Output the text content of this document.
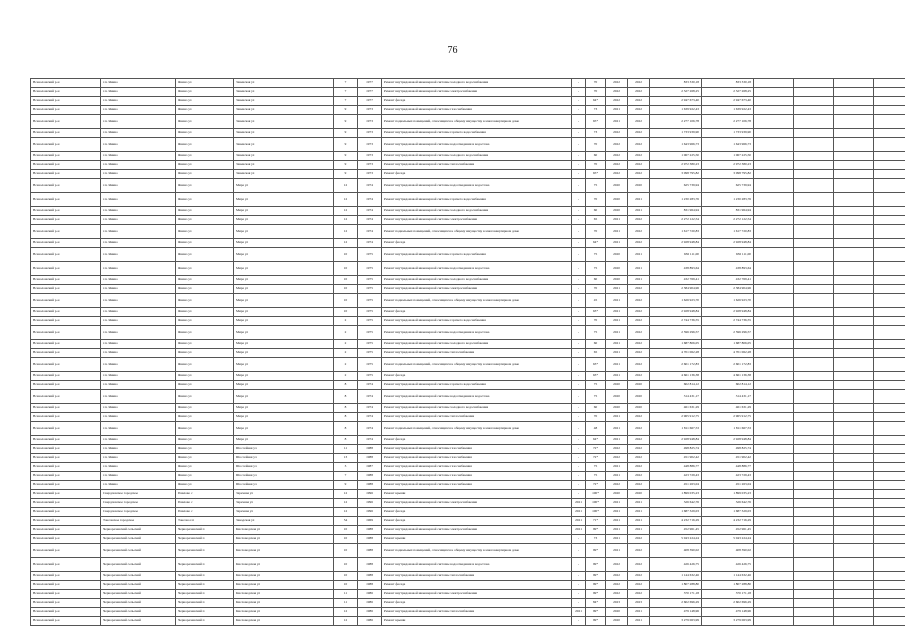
76
Всеволожский р-н	г.п. Янино	Янино ул	Заневская ул	7	1977	Ремонт внутридомовой инженерной системы холодного водоснабжения	-	70	2022	2022	833 330,18	833 330,18				
Всеволожский р-н	г.п. Янино	Янино ул	Заневская ул	7	1977	Ремонт внутридомовой инженерной системы электроснабжения	-	70	2022	2022	2 327 268,25	2 327 268,25				
Всеволожский р-н	г.п. Янино	Янино ул	Заневская ул	7	1977	Ремонт фасада	-	64*	2022	2022	2 947 673,40	2 947 673,40				
Всеволожский р-н	г.п. Янино	Янино ул	Заневская ул	9	1973	Ремонт внутридомовой инженерной системы газоснабжения	-	73	2021	2022	1 639 922,43	1 639 922,43				
Всеволожский р-н	г.п. Янино	Янино ул	Заневская ул	9	1973	Ремонт подвальных помещений, относящихся к общему имуществу в многоквартирном доме	-	65*	2021	2022	2 277 106,78	2 277 106,78				
Всеволожский р-н	г.п. Янино	Янино ул	Заневская ул	9	1973	Ремонт внутридомовой инженерной системы горячего водоснабжения	-	73	2022	2022	1 733 939,90	1 733 939,90				
Всеволожский р-н	г.п. Янино	Янино ул	Заневская ул	9	1973	Ремонт внутридомовой инженерной системы водоотведения и водостока	-	70	2022	2022	1 643 966,73	1 643 966,73				
Всеволожский р-н	г.п. Янино	Янино ул	Заневская ул	9	1973	Ремонт внутридомовой инженерной системы холодного водоснабжения	-	60	2022	2022	1 067 225,50	1 067 225,50				
Всеволожский р-н	г.п. Янино	Янино ул	Заневская ул	9	1973	Ремонт внутридомовой инженерной системы теплоснабжения	-	70	2022	2022	2 972 380,23	2 972 380,23				
Всеволожский р-н	г.п. Янино	Янино ул	Заневская ул	9	1973	Ремонт фасада	-	65*	2022	2022	3 098 795,82	3 098 795,82				
Всеволожский р-н	г.п. Янино	Янино ул	Мира ул	12	1974	Ремонт внутридомовой инженерной системы водоотведения и водостока	-	75	2020	2020	625 739,94	625 739,94				
Всеволожский р-н	г.п. Янино	Янино ул	Мира ул	12	1974	Ремонт внутридомовой инженерной системы горячего водоснабжения	-	70	2020	2021	1 230 283,76	1 230 283,76				
Всеволожский р-н	г.п. Янино	Янино ул	Мира ул	12	1974	Ремонт внутридомовой инженерной системы холодного водоснабжения	-	60	2020	2021	831 964,94	831 964,94				
Всеволожский р-н	г.п. Янино	Янино ул	Мира ул	12	1974	Ремонт внутридомовой инженерной системы электроснабжения	-	65	2021	2022	2 272 122,54	2 272 122,54				
Всеволожский р-н	г.п. Янино	Янино ул	Мира ул	12	1974	Ремонт подвальных помещений, относящихся к общему имуществу в многоквартирном доме	-	70	2021	2022	1 617 720,83	1 617 720,83				
Всеволожский р-н	г.п. Янино	Янино ул	Мира ул	12	1974	Ремонт фасада	-	64*	2021	2022	2 928 948,84	2 928 948,84				
Всеволожский р-н	г.п. Янино	Янино ул	Мира ул	10	1975	Ремонт внутридомовой инженерной системы горячего водоснабжения	-	75	2020	2021	636 111,00	636 111,00				
Всеволожский р-н	г.п. Янино	Янино ул	Мира ул	10	1975	Ремонт внутридомовой инженерной системы водоотведения и водостока	-	75	2020	2021	438 893,64	438 893,64				
Всеволожский р-н	г.п. Янино	Янино ул	Мира ул	10	1975	Ремонт внутридомовой инженерной системы холодного водоснабжения	-	60	2020	2021	432 769,41	432 769,41				
Всеволожский р-н	г.п. Янино	Янино ул	Мира ул	10	1975	Ремонт внутридомовой инженерной системы электроснабжения	-	70	2021	2022	2 384 904,96	2 384 904,96				
Всеволожский р-н	г.п. Янино	Янино ул	Мира ул	10	1975	Ремонт подвальных помещений, относящихся к общему имуществу в многоквартирном доме	-	45	2021	2022	1 626 923,70	1 626 923,70				
Всеволожский р-н	г.п. Янино	Янино ул	Мира ул	10	1975	Ремонт фасада	-	63*	2021	2022	2 928 948,84	2 928 948,84				
Всеволожский р-н	г.п. Янино	Янино ул	Мира ул	2	1975	Ремонт внутридомовой инженерной системы горячего водоснабжения	-	70	2021	2022	2 744 736,55	2 744 736,55				
Всеволожский р-н	г.п. Янино	Янино ул	Мира ул	2	1975	Ремонт внутридомовой инженерной системы водоотведения и водостока	-	75	2021	2022	2 596 296,57	2 596 296,57				
Всеволожский р-н	г.п. Янино	Янино ул	Мира ул	2	1975	Ремонт внутридомовой инженерной системы холодного водоснабжения	-	60	2021	2022	1 687 806,05	1 687 806,05				
Всеволожский р-н	г.п. Янино	Янино ул	Мира ул	2	1975	Ремонт внутридомовой инженерной системы теплоснабжения	-	65	2021	2022	4 701 062,28	4 701 062,28				
Всеволожский р-н	г.п. Янино	Янино ул	Мира ул	2	1975	Ремонт подвальных помещений, относящихся к общему имуществу в многоквартирном доме	-	63*	2021	2022	2 601 172,83	2 601 172,83				
Всеволожский р-н	г.п. Янино	Янино ул	Мира ул	2	1975	Ремонт фасада	-	63*	2021	2022	4 661 136,38	4 661 136,38				
Всеволожский р-н	г.п. Янино	Янино ул	Мира ул	8	1974	Ремонт внутридомовой инженерной системы горячего водоснабжения	-	75	2020	2020	602 814,12	602 814,12				
Всеволожский р-н	г.п. Янино	Янино ул	Мира ул	8	1974	Ремонт внутридомовой инженерной системы водоотведения и водостока	-	75	2020	2020	314 431,17	314 431,17				
Всеволожский р-н	г.п. Янино	Янино ул	Мира ул	8	1974	Ремонт внутридомовой инженерной системы холодного водоснабжения	-	60	2020	2020	461 631,29	461 631,29				
Всеволожский р-н	г.п. Янино	Янино ул	Мира ул	8	1974	Ремонт внутридомовой инженерной системы теплоснабжения	-	70	2021	2022	2 965 912,75	2 965 912,75				
Всеволожский р-н	г.п. Янино	Янино ул	Мира ул	8	1974	Ремонт подвальных помещений, относящихся к общему имуществу в многоквартирном доме	-	48	2021	2022	1 811 667,53	1 811 667,53				
Всеволожский р-н	г.п. Янино	Янино ул	Мира ул	8	1974	Ремонт фасада	-	64*	2021	2022	2 928 948,84	2 928 948,84				
Всеволожский р-н	г.п. Янино	Янино ул	Шоссейная ул	11	1988	Ремонт внутридомовой инженерной системы газоснабжения	-	72*	2022	2022	498 825,74	498 825,74				
Всеволожский р-н	г.п. Янино	Янино ул	Шоссейная ул	13	1988	Ремонт внутридомовой инженерной системы газоснабжения	-	72*	2022	2022	451 902,42	451 902,42				
Всеволожский р-н	г.п. Янино	Янино ул	Шоссейная ул	3	1987	Ремонт внутридомовой инженерной системы газоснабжения	-	75	2021	2022	448 886,77	448 886,77				
Всеволожский р-н	г.п. Янино	Янино ул	Шоссейная ул	7	1988	Ремонт внутридомовой инженерной системы газоснабжения	-	75	2021	2022	423 729,43	423 729,43				
Всеволожский р-н	г.п. Янино	Янино ул	Шоссейная ул	9	1988	Ремонт внутридомовой инженерной системы газоснабжения	-	72*	2022	2022	451 263,04	451 263,04				
Всеволожский р-н	Свердловское городское	Павлово с	Заречная ул	12	1996	Ремонт крыши	-	100*	2020	2020	1 899 035,23	1 899 035,23				
Всеволожский р-н	Свердловское городское	Павлово с	Заречная ул	12	1996	Ремонт внутридомовой инженерной системы электроснабжения	2021	100*	2021	2021	326 642,76	326 642,76				
Всеволожский р-н	Свердловское городское	Павлово с	Заречная ул	12	1996	Ремонт фасада	2021	100*	2021	2021	1 687 329,03	1 687 329,03				
Всеволожский р-н	Токсовское городское	Токсово г.п	Заводская ул	54	1969	Ремонт фасада	2021	71*	2021	2021	4 232 716,29	4 232 716,29				
Всеволожский р-н	Чернореченский сельский	Чернореченский п	Кисловодская ул	10	1988	Ремонт внутридомовой инженерной системы электроснабжения	2021	99*	2021	2021	452 961,45	452 961,45				
Всеволожский р-н	Чернореченский сельский	Чернореченский п	Кисловодская ул	10	1988	Ремонт крыши	-	73	2021	2022	5 043 224,24	5 043 224,24				
Всеволожский р-н	Чернореченский сельский	Чернореченский п	Кисловодская ул	10	1988	Ремонт подвальных помещений, относящихся к общему имуществу в многоквартирном доме	-	99*	2021	2022	408 390,02	408 390,02				
Всеволожский р-н	Чернореченский сельский	Чернореченский п	Кисловодская ул	10	1988	Ремонт внутридомовой инженерной системы водоотведения и водостока	-	99*	2022	2022	426 426,75	426 426,75				
Всеволожский р-н	Чернореченский сельский	Чернореченский п	Кисловодская ул	10	1988	Ремонт внутридомовой инженерной системы теплоснабжения	-	99*	2022	2022	1 144 632,46	1 144 632,46				
Всеволожский р-н	Чернореченский сельский	Чернореченский п	Кисловодская ул	10	1988	Ремонт фасада	-	99*	2022	2022	1 807 288,80	1 807 288,80				
Всеволожский р-н	Чернореченский сельский	Чернореченский п	Кисловодская ул	11	1986	Ремонт внутридомовой инженерной системы электроснабжения	-	99*	2022	2022	370 171,18	370 171,18				
Всеволожский р-н	Чернореченский сельский	Чернореченский п	Кисловодская ул	11	1986	Ремонт фасада	-	84*	2023	2023	2 602 696,29	2 602 696,29				
Всеволожский р-н	Чернореченский сельский	Чернореченский п	Кисловодская ул	12	1986	Ремонт внутридомовой инженерной системы теплоснабжения	2021	99*	2020	2021	479 148,96	479 148,96				
Всеволожский р-н	Чернореченский сельский	Чернореченский п	Кисловодская ул	12	1986	Ремонт крыши	-	99*	2020	2021	3 279 063,99	3 279 063,99				
